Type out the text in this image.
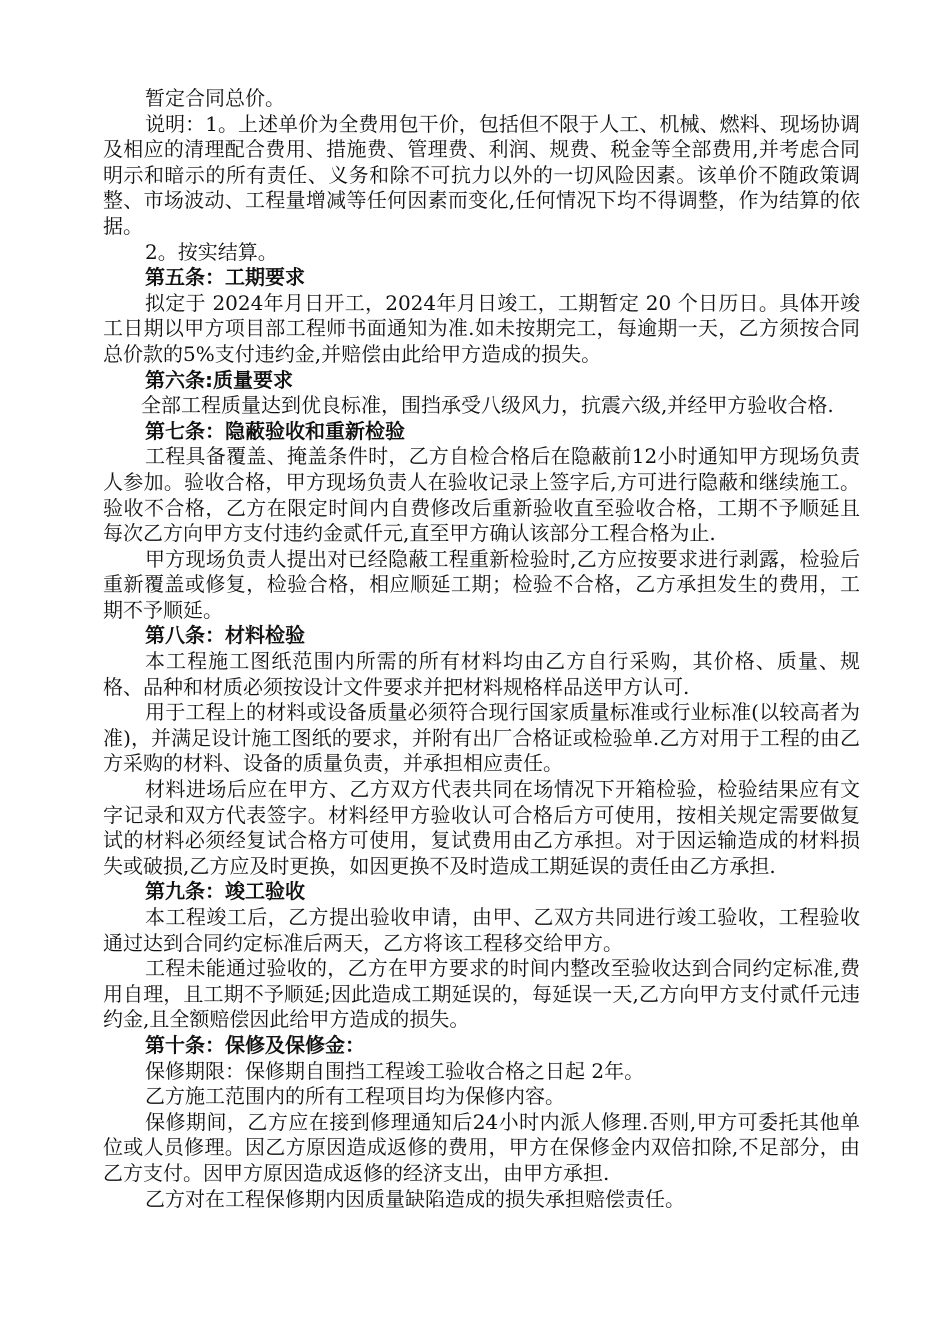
暂定合同总价。

说明：1。上述单价为全费用包干价，包括但不限于人工、机械、燃料、现场协调及相应的清理配合费用、措施费、管理费、利润、规费、税金等全部费用,并考虑合同明示和暗示的所有责任、义务和除不可抗力以外的一切风险因素。该单价不随政策调整、市场波动、工程量增减等任何因素而变化,任何情况下均不得调整，作为结算的依据。

2。按实结算。

第五条：工期要求

拟定于 2024年月日开工，2024年月日竣工，工期暂定 20 个日历日。具体开竣工日期以甲方项目部工程师书面通知为准.如未按期完工，每逾期一天，乙方须按合同总价款的5%支付违约金,并赔偿由此给甲方造成的损失。

第六条:质量要求

全部工程质量达到优良标准，围挡承受八级风力，抗震六级,并经甲方验收合格.

第七条：隐蔽验收和重新检验

工程具备覆盖、掩盖条件时，乙方自检合格后在隐蔽前12小时通知甲方现场负责人参加。验收合格，甲方现场负责人在验收记录上签字后,方可进行隐蔽和继续施工。验收不合格，乙方在限定时间内自费修改后重新验收直至验收合格，工期不予顺延且每次乙方向甲方支付违约金贰仟元,直至甲方确认该部分工程合格为止.

甲方现场负责人提出对已经隐蔽工程重新检验时,乙方应按要求进行剥露，检验后重新覆盖或修复，检验合格，相应顺延工期；检验不合格，乙方承担发生的费用，工期不予顺延。

第八条：材料检验

本工程施工图纸范围内所需的所有材料均由乙方自行采购，其价格、质量、规格、品种和材质必须按设计文件要求并把材料规格样品送甲方认可.

用于工程上的材料或设备质量必须符合现行国家质量标准或行业标准(以较高者为准)，并满足设计施工图纸的要求，并附有出厂合格证或检验单.乙方对用于工程的由乙方采购的材料、设备的质量负责，并承担相应责任。

材料进场后应在甲方、乙方双方代表共同在场情况下开箱检验，检验结果应有文字记录和双方代表签字。材料经甲方验收认可合格后方可使用，按相关规定需要做复试的材料必须经复试合格方可使用，复试费用由乙方承担。对于因运输造成的材料损失或破损,乙方应及时更换，如因更换不及时造成工期延误的责任由乙方承担.

第九条：竣工验收

本工程竣工后，乙方提出验收申请，由甲、乙双方共同进行竣工验收，工程验收通过达到合同约定标准后两天，乙方将该工程移交给甲方。

工程未能通过验收的，乙方在甲方要求的时间内整改至验收达到合同约定标准,费用自理，且工期不予顺延;因此造成工期延误的，每延误一天,乙方向甲方支付贰仟元违约金,且全额赔偿因此给甲方造成的损失。

第十条：保修及保修金：

保修期限：保修期自围挡工程竣工验收合格之日起 2年。

乙方施工范围内的所有工程项目均为保修内容。

保修期间，乙方应在接到修理通知后24小时内派人修理.否则,甲方可委托其他单位或人员修理。因乙方原因造成返修的费用，甲方在保修金内双倍扣除,不足部分，由乙方支付。因甲方原因造成返修的经济支出，由甲方承担.

乙方对在工程保修期内因质量缺陷造成的损失承担赔偿责任。
